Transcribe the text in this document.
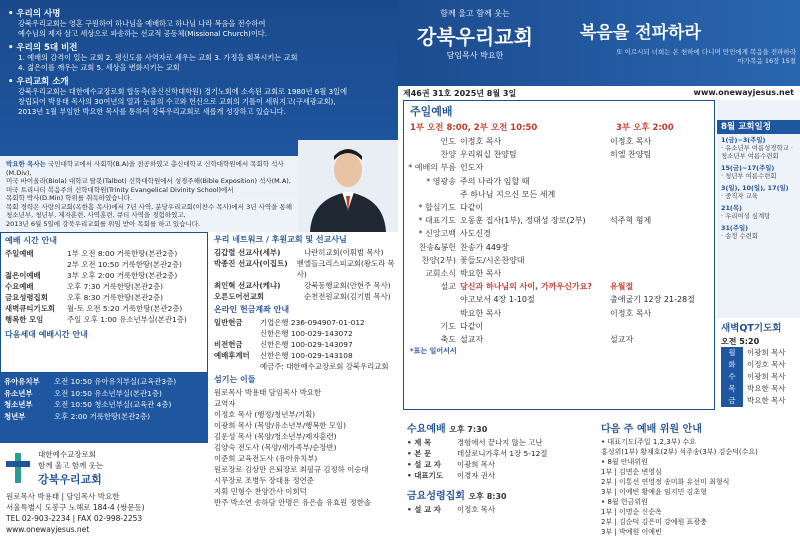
• 우리의 사명
강북우리교회는 영혼 구원하여 하나님을 예배하고 하나님 나라 복음을 전수하여
예수님의 제자 삼고 세상으로 파송하는 선교적 공동체(Missional Church)이다.
• 우리의 5대 비전
1. 예배의 감격이 있는 교회 2. 평신도를 사역자로 세우는 교회 3. 가정을 회복시키는 교회
4. 젊은이를 깨우는 교회 5. 세상을 변화시키는 교회
• 우리교회 소개
강북우리교회는 대한예수교장로회 합동측(총신신학대학원) 경기노회에 소속된 교회로 1980년 6월 3일에
창립되어 박용태 목사의 30여년의 열과 눈물의 수고와 헌신으로 교회의 기틀이 세워지고(구세광교회),
2013년 1월 부임한 박요한 목사를 통하여 강북우리교회로 새롭게 성장하고 있습니다.
함께 울고 함께 웃는
강북우리교회
담임목사 박요한
복음을 전파하라
또 이르시되 너희는 온 천하에 다니며 만민에게 복음을 전파하라
마가복음 16장 15절
제46권 31호 2025년 8월 3일	www.onewayjesus.net
박요한 목사는 국민대학교에서 사회학(B.A)을 전공하였고 총신대학교 신학대학원에서 목회학 석사(M.Div),
미국 바이올라(Biola) 대학교 탈봇(Talbot) 신학대학원에서 성경주해(Bible Exposition) 석사(M.A),
미국 트리니티 복음주의 신학대학원(Trinity Evangelical Divinity School)에서
목회학 박사(D.Min) 학위를 취득하였습니다.
목회 경력은 사랑의교회(옥한흠 목사)에서 7년 사역, 분당우리교회(이찬수 목사)에서 3년 사역을 통해
청소년부, 청년부, 제자훈련, 사역훈련, 큐티 사역을 경험하였고,
2013년 6월 5일에 강북우리교회를 위임 받아 목회를 하고 있습니다.
예배 시간 안내
주일예배	1부 오전 8:00 거룩한땅(본관2층)
2부 오전 10:50 거룩한땅(본관2층)
젊은이예배	3부 오후 2:00 거룩한땅(본관2층)
수요예배	오후 7:30 거룩한땅(본관2층)
금요성령집회	오후 8:30 거룩한땅(본관2층)
새벽큐티기도회	월-토 오전 5:20 거룩한땅(본관2층)
행복한 모임	주일 오후 1:00 유소년부실(본관1층)
다음세대 예배시간 안내
유아유치부	오전 10:50 유아유치부실(교육관3층)
유소년부	오전 10:50 유소년부실(본관1층)
청소년부	오전 10:50 청소년부실(교육관 4층)
청년부	오후 2:00 거룩한땅(본관2층)
대한예수교장로회
함께 울고 함께 웃는
강북우리교회
원로목사 박용태 | 담임목사 박요한
서울특별시 도봉구 노해로 184-4 (쌍문동)
TEL 02-903-2234 | FAX 02-998-2253
www.onewayjesus.net
우리 네트워크 / 후원교회 및 선교사님
김갑렬 선교사(세부)	나란히교회(이휘범 목사)
박종진 선교사(이집트)	벧엘들크리스피교회(왕도라 목사)
최인혁 선교사(케냐)	강북동행교회(안현주 목사)
오른도어선교회	순천전원교회(김기범 목사)
온라인 헌금계좌 안내
일반헌금	기업은행 236-094907-01-012
신한은행 100-029-143072
비전헌금	신한은행 100-029-143097
예배후계터	신한은행 100-029-143108
예금주: 대한예수교장로회 강북우리교회
섬기는 이들
원로목사 박용태 담임목사 박요한
교역자
이정호 목사 (행정/청년부/기획)
이광희 목사 (목양/유소년부/행복한 모임)
김운성 목사 (목양/청소년부/제자훈련)
김양숙 전도사 (목양/새가족부/순장반)
이준희 교육전도사 (유아유치부)
원로장로 김상만 은퇴장로 최필규 김정하 이승대
시무장로 조병두 장대용 정연준
지휘 민형수 찬양간사 이희덕
반주 박소연 송하담 안명은 유은솔 유효원 정한솔
주일예배
1부 오전 8:00, 2부 오전 10:50	3부 오후 2:00
인도 이정호 목사	이정호 목사
찬양 우리워십 찬양팀	히엘 찬양팀
* 예배의 부름 인도자
* 영광송 주의 나라가 임할 때
주 하나님 지으신 모든 세계
* 합심기도 다같이
* 대표기도 오동훈 집사(1부), 정대성 장로(2부)	석주혁 형제
* 신앙고백 사도신경
찬송&봉헌 찬송가 449장
찬양(2부) 꽃들도/시온찬양대
교회소식 박요한 목사
설교 당신과 하나님의 사이, 가까우신가요?	유월절
야고보서 4장 1-10절	출애굽기 12장 21-28절
박요한 목사	이정호 목사
기도 다같이
축도 설교자	설교자
*표는 일어서서
8월 교회일정
1(금)~3(주일)
· 유소년부 여름성경학교 · 청소년부 여름수련회
15(금)~17(주일)
· 청년부 여름수련회
3(일), 10(일), 17(일)
· 중직자 교육
21(목)
· 우리여성 심계탕
31(주일)
· 송정 수련회
새벽QT기도회
오전 5:20
월	이광희 목사
화	이정호 목사
수	이광희 목사
목	박요한 목사
금	박요한 목사
수요예배 오후 7:30
• 제 목	경험에서 끝나지 않는 고난
• 본 문	데살로니가후서 1장 5-12절
• 설 교 자	이광희 목사
• 대표기도	이경자 권사
금요성령집회 오후 8:30
• 설 교 자	이정호 목사
다음 주 예배 위원 안내
• 대표기도(주일 1,2,3부) 수요
홍성위(1부) 황재호(2부) 석주송(3부) 김순덕(수요)
• 8월 안내위원
1부 | 김면순 변영심
2부 | 이통선 연영정 송미화 유선미 최형식
3부 | 이예빈 황예윤 임지민 김초형
• 8월 헌금위원
1부 | 이명순 신순옥
2부 | 김순덕 김은미 강예원 표광충
3부 | 박예원 이예빈
